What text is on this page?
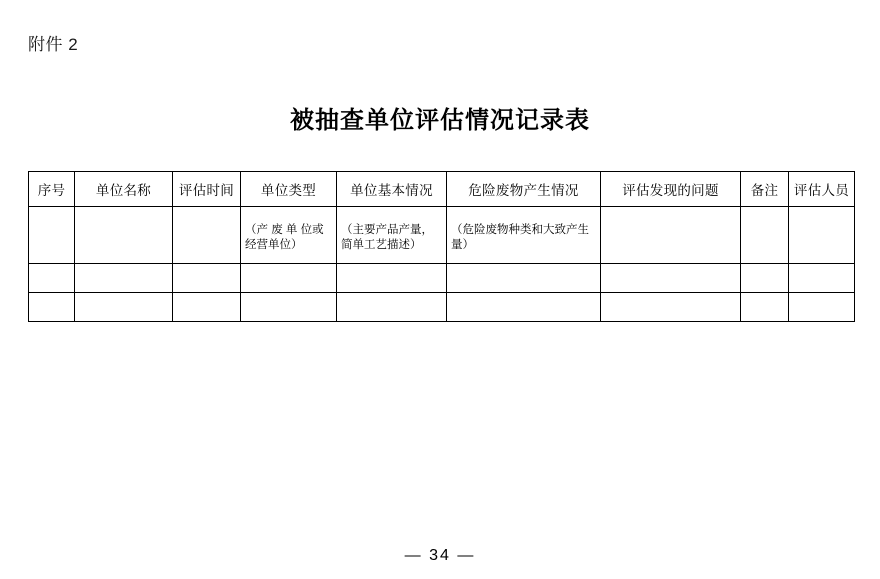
附件 2
被抽查单位评估情况记录表
序号	单位名称	评估时间	单位类型	单位基本情况	危险废物产生情况	评估发现的问题	备注	评估人员

			（产 废 单 位或经营单位）	（主要产品产量，简单工艺描述）	（危险废物种类和大致产生量）			

— 34 —
